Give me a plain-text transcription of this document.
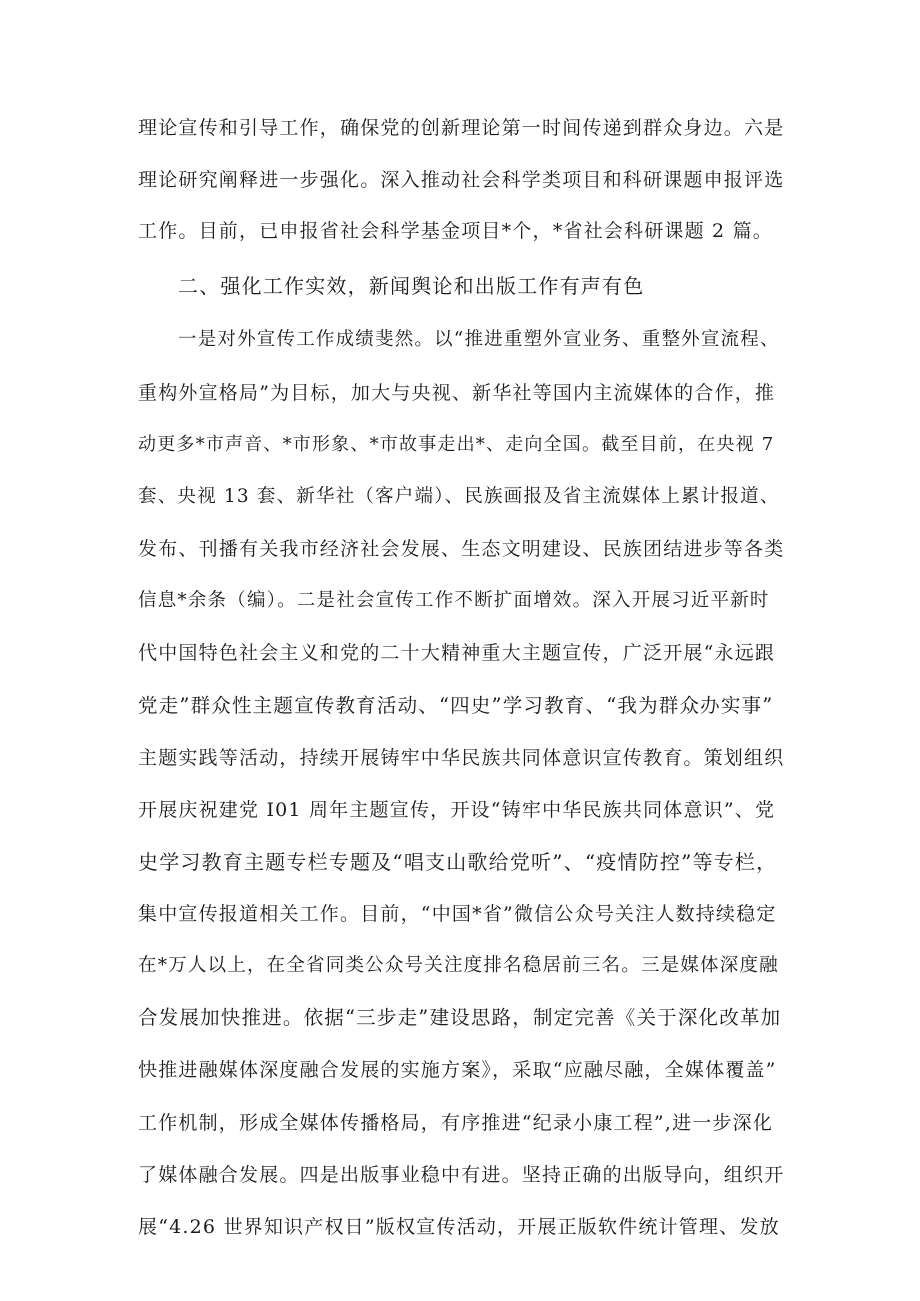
理论宣传和引导工作，确保党的创新理论第一时间传递到群众身边。六是
理论研究阐释进一步强化。深入推动社会科学类项目和科研课题申报评选
工作。目前，已申报省社会科学基金项目*个，*省社会科研课题 2 篇。
二、强化工作实效，新闻舆论和出版工作有声有色
一是对外宣传工作成绩斐然。以“推进重塑外宣业务、重整外宣流程、
重构外宣格局”为目标，加大与央视、新华社等国内主流媒体的合作，推
动更多*市声音、*市形象、*市故事走出*、走向全国。截至目前，在央视 7
套、央视 13 套、新华社（客户端）、民族画报及省主流媒体上累计报道、
发布、刊播有关我市经济社会发展、生态文明建设、民族团结进步等各类
信息*余条（编）。二是社会宣传工作不断扩面增效。深入开展习近平新时
代中国特色社会主义和党的二十大精神重大主题宣传，广泛开展“永远跟
党走”群众性主题宣传教育活动、“四史”学习教育、“我为群众办实事”
主题实践等活动，持续开展铸牢中华民族共同体意识宣传教育。策划组织
开展庆祝建党 I01 周年主题宣传，开设“铸牢中华民族共同体意识”、党
史学习教育主题专栏专题及“唱支山歌给党听”、“疫情防控”等专栏，
集中宣传报道相关工作。目前，“中国*省”微信公众号关注人数持续稳定
在*万人以上，在全省同类公众号关注度排名稳居前三名。三是媒体深度融
合发展加快推进。依据“三步走”建设思路，制定完善《关于深化改革加
快推进融媒体深度融合发展的实施方案》，采取“应融尽融，全媒体覆盖”
工作机制，形成全媒体传播格局，有序推进“纪录小康工程”,进一步深化
了媒体融合发展。四是出版事业稳中有进。坚持正确的出版导向，组织开
展“4.26 世界知识产权日”版权宣传活动，开展正版软件统计管理、发放
